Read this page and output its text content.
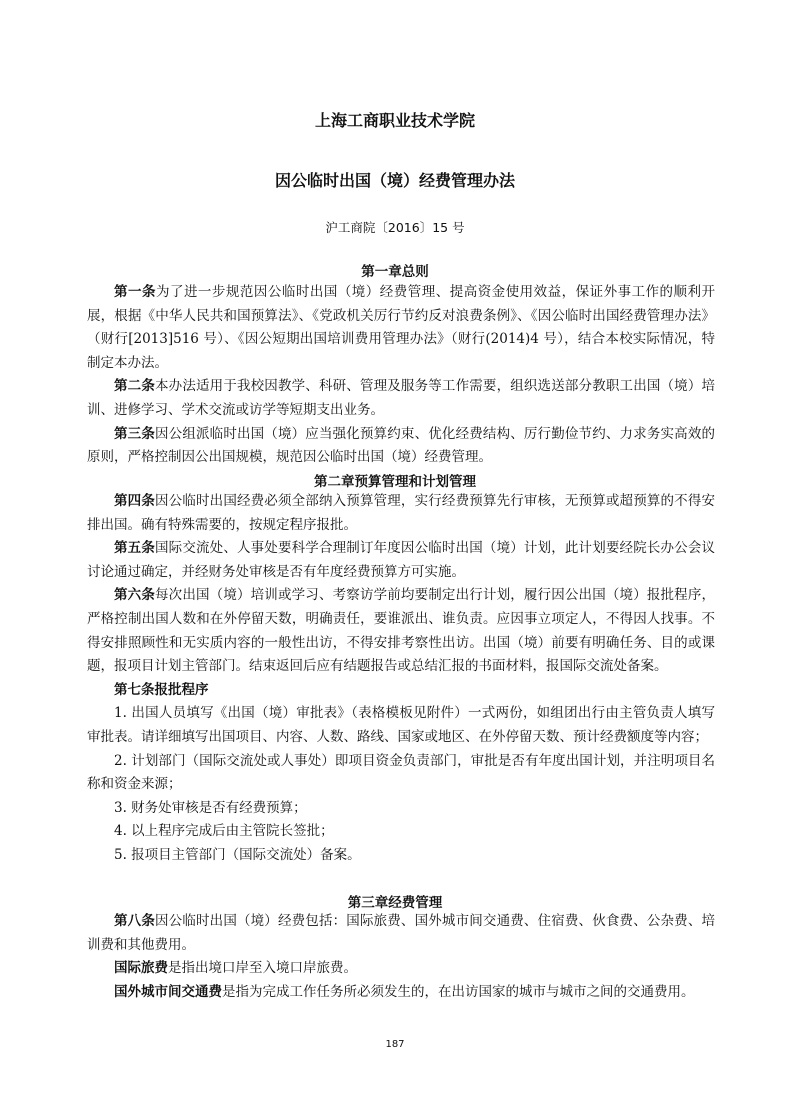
上海工商职业技术学院
因公临时出国（境）经费管理办法
沪工商院〔2016〕15 号
第一章总则

第一条为了进一步规范因公临时出国（境）经费管理、提高资金使用效益，保证外事工作的顺利开展，根据《中华人民共和国预算法》、《党政机关厉行节约反对浪费条例》、《因公临时出国经费管理办法》（财行[2013]516 号）、《因公短期出国培训费用管理办法》（财行(2014)4 号），结合本校实际情况，特制定本办法。

第二条本办法适用于我校因教学、科研、管理及服务等工作需要，组织选送部分教职工出国（境）培训、进修学习、学术交流或访学等短期支出业务。

第三条因公组派临时出国（境）应当强化预算约束、优化经费结构、厉行勤俭节约、力求务实高效的原则，严格控制因公出国规模，规范因公临时出国（境）经费管理。

第二章预算管理和计划管理

第四条因公临时出国经费必须全部纳入预算管理，实行经费预算先行审核，无预算或超预算的不得安排出国。确有特殊需要的，按规定程序报批。

第五条国际交流处、人事处要科学合理制订年度因公临时出国（境）计划，此计划要经院长办公会议讨论通过确定，并经财务处审核是否有年度经费预算方可实施。

第六条每次出国（境）培训或学习、考察访学前均要制定出行计划，履行因公出国（境）报批程序，严格控制出国人数和在外停留天数，明确责任，要谁派出、谁负责。应因事立项定人，不得因人找事。不得安排照顾性和无实质内容的一般性出访，不得安排考察性出访。出国（境）前要有明确任务、目的或课题，报项目计划主管部门。结束返回后应有结题报告或总结汇报的书面材料，报国际交流处备案。

第七条报批程序

1. 出国人员填写《出国（境）审批表》（表格模板见附件）一式两份，如组团出行由主管负责人填写审批表。请详细填写出国项目、内容、人数、路线、国家或地区、在外停留天数、预计经费额度等内容；

2. 计划部门（国际交流处或人事处）即项目资金负责部门，审批是否有年度出国计划，并注明项目名称和资金来源；

3. 财务处审核是否有经费预算；

4. 以上程序完成后由主管院长签批；

5. 报项目主管部门（国际交流处）备案。

第三章经费管理

第八条因公临时出国（境）经费包括：国际旅费、国外城市间交通费、住宿费、伙食费、公杂费、培训费和其他费用。

国际旅费是指出境口岸至入境口岸旅费。

国外城市间交通费是指为完成工作任务所必须发生的，在出访国家的城市与城市之间的交通费用。

187
